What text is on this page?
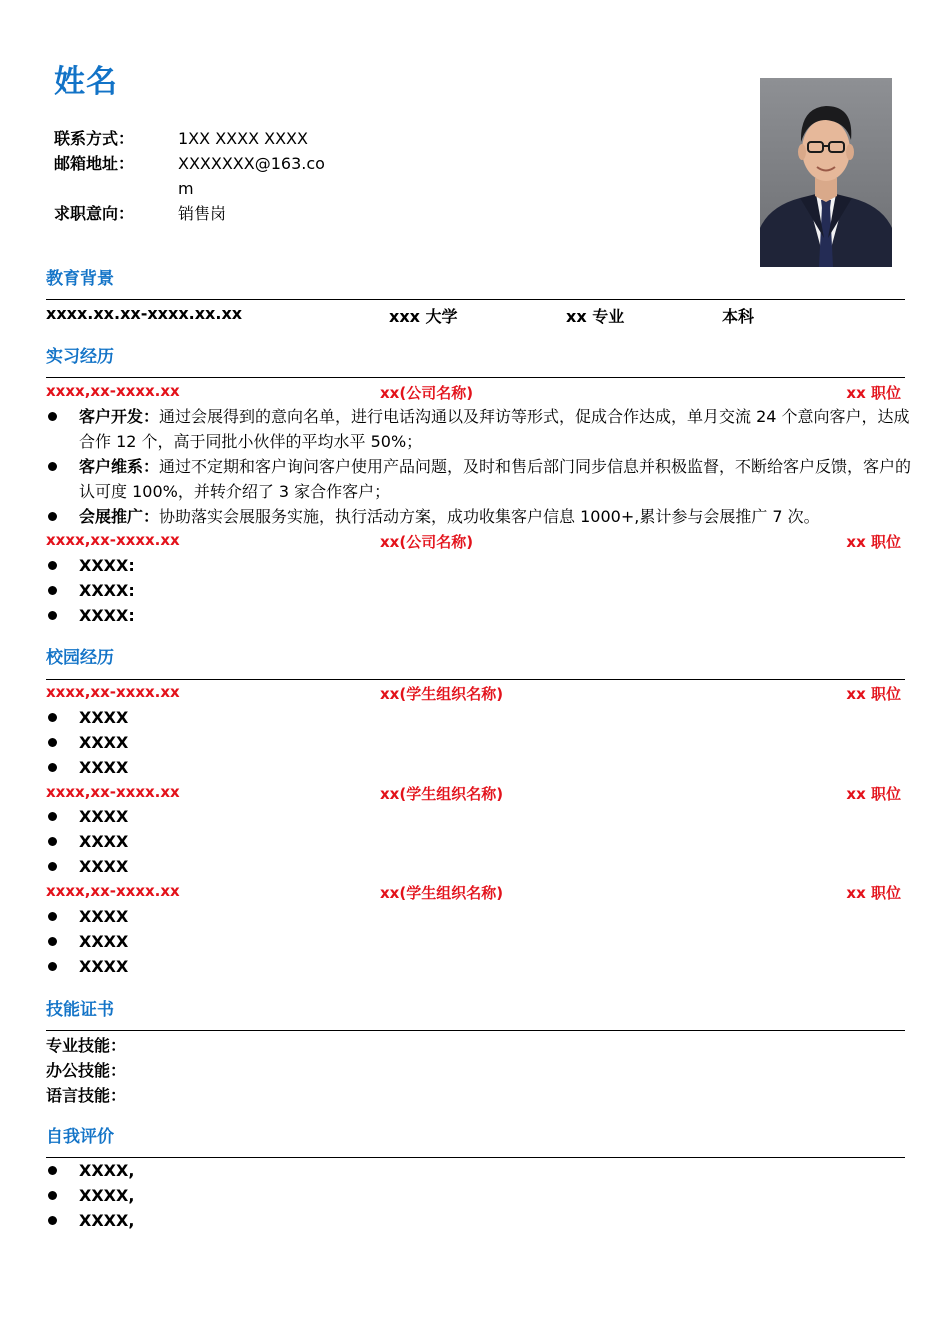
姓名
联系方式：	1XX XXXX XXXX
邮箱地址：	XXXXXXX@163.com
求职意向：	销售岗
教育背景
xxxx.xx.xx-xxxx.xx.xx	xxx 大学	xx 专业	本科
实习经历
xxxx,xx-xxxx.xx	xx(公司名称)	xx 职位
客户开发：通过会展得到的意向名单，进行电话沟通以及拜访等形式，促成合作达成，单月交流 24 个意向客户，达成合作 12 个，高于同批小伙伴的平均水平 50%；
客户维系：通过不定期和客户询问客户使用产品问题，及时和售后部门同步信息并积极监督，不断给客户反馈，客户的认可度 100%，并转介绍了 3 家合作客户；
会展推广：协助落实会展服务实施，执行活动方案，成功收集客户信息 1000+,累计参与会展推广 7 次。
xxxx,xx-xxxx.xx	xx(公司名称)	xx 职位
XXXX:
XXXX:
XXXX:
校园经历
xxxx,xx-xxxx.xx	xx(学生组织名称)	xx 职位
XXXX
XXXX
XXXX
xxxx,xx-xxxx.xx	xx(学生组织名称)	xx 职位
XXXX
XXXX
XXXX
xxxx,xx-xxxx.xx	xx(学生组织名称)	xx 职位
XXXX
XXXX
XXXX
技能证书
专业技能：
办公技能：
语言技能：
自我评价
XXXX,
XXXX,
XXXX,
